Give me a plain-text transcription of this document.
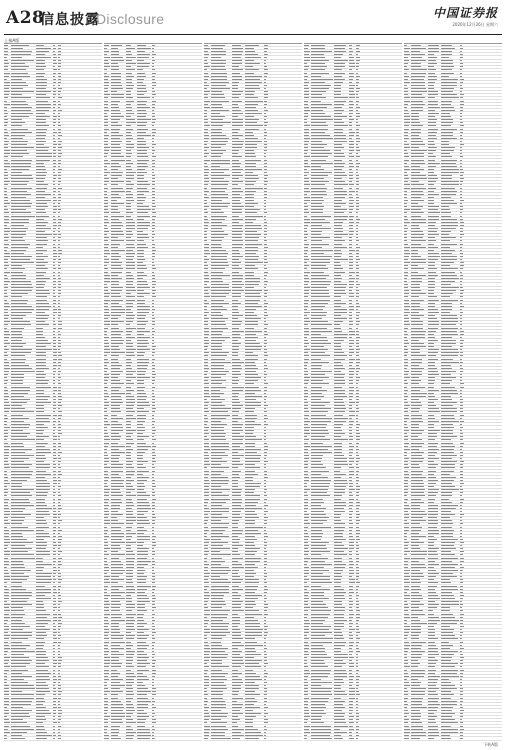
A28
信息披露
Disclosure	中国证券报
2020年12月26日 星期六
上接A版
下转A版
